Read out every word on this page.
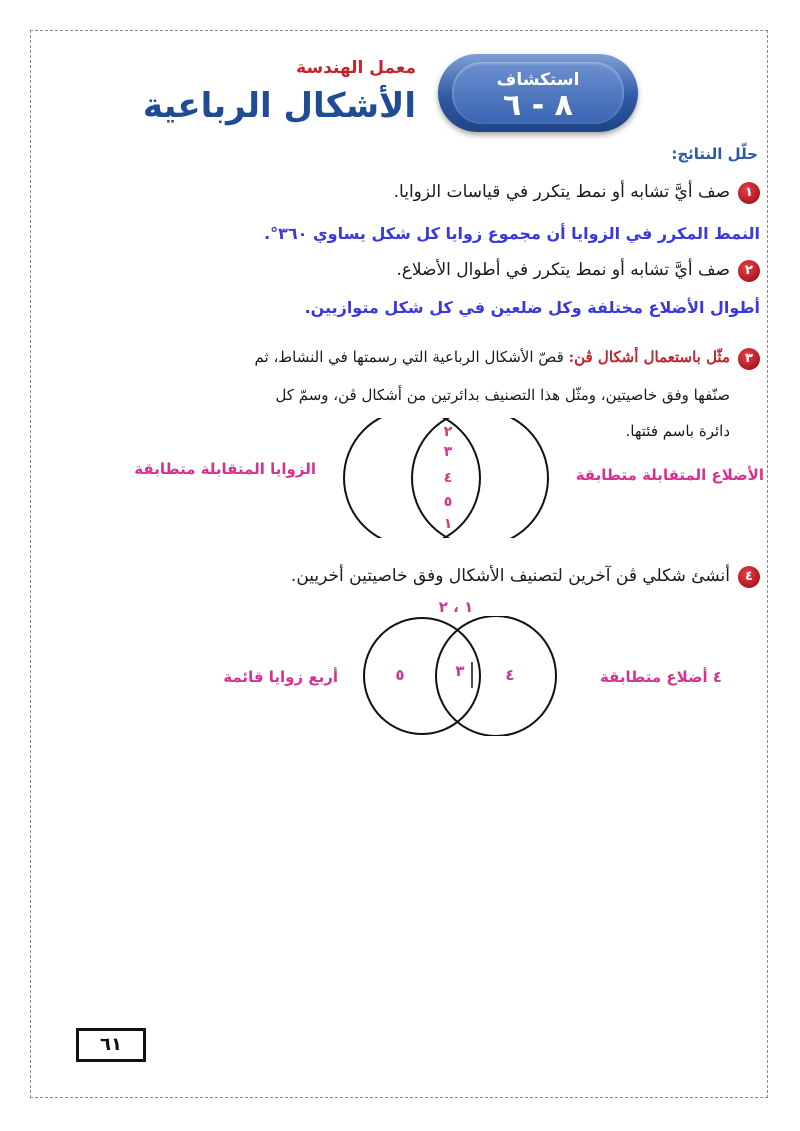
استكشاف
٨ - ٦
معمل الهندسة
الأشكال الرباعية
حلّل النتائج:
١
صف أيَّ تشابه أو نمط يتكرر في قياسات الزوايا.
النمط المكرر في الزوايا أن مجموع زوايا كل شكل يساوي ٣٦٠°.
٢
صف أيَّ تشابه أو نمط يتكرر في أطوال الأضلاع.
أطوال الأضلاع مختلفة وكل ضلعين في كل شكل متوازيين.
٣
مثّل باستعمال أشكال ڤن: قصّ الأشكال الرباعية التي رسمتها في النشاط، ثم
صنّفها وفق خاصيتين، ومثّل هذا التصنيف بدائرتين من أشكال ڤن، وسمّ كل
دائرة باسم فئتها.
٢
٣
٤
٥
١
الأضلاع المتقابلة متطابقة
الزوايا المتقابلة متطابقة
٤
أنشئ شكلي ڤن آخرين لتصنيف الأشكال وفق خاصيتين أخريين.
١ ، ٢
٤
٣
٥	٤ أضلاع متطابقة
أربع زوايا قائمة
٦١
